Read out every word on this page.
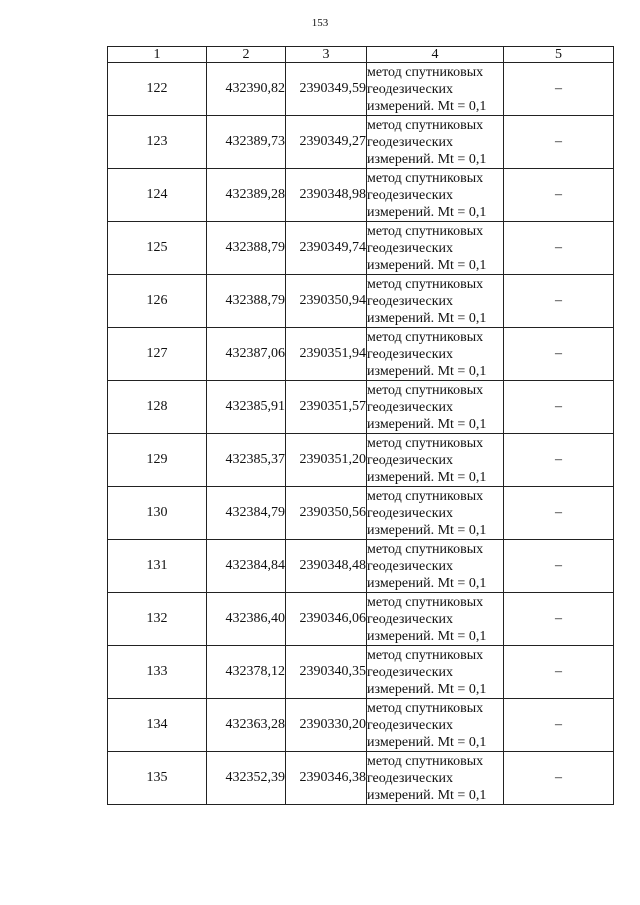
153
1	2	3	4	5
122	432390,82	2390349,59	метод спутниковых
геодезических
измерений. Mt = 0,1	–
123	432389,73	2390349,27	метод спутниковых
геодезических
измерений. Mt = 0,1	–
124	432389,28	2390348,98	метод спутниковых
геодезических
измерений. Mt = 0,1	–
125	432388,79	2390349,74	метод спутниковых
геодезических
измерений. Mt = 0,1	–
126	432388,79	2390350,94	метод спутниковых
геодезических
измерений. Mt = 0,1	–
127	432387,06	2390351,94	метод спутниковых
геодезических
измерений. Mt = 0,1	–
128	432385,91	2390351,57	метод спутниковых
геодезических
измерений. Mt = 0,1	–
129	432385,37	2390351,20	метод спутниковых
геодезических
измерений. Mt = 0,1	–
130	432384,79	2390350,56	метод спутниковых
геодезических
измерений. Mt = 0,1	–
131	432384,84	2390348,48	метод спутниковых
геодезических
измерений. Mt = 0,1	–
132	432386,40	2390346,06	метод спутниковых
геодезических
измерений. Mt = 0,1	–
133	432378,12	2390340,35	метод спутниковых
геодезических
измерений. Mt = 0,1	–
134	432363,28	2390330,20	метод спутниковых
геодезических
измерений. Mt = 0,1	–
135	432352,39	2390346,38	метод спутниковых
геодезических
измерений. Mt = 0,1	–
